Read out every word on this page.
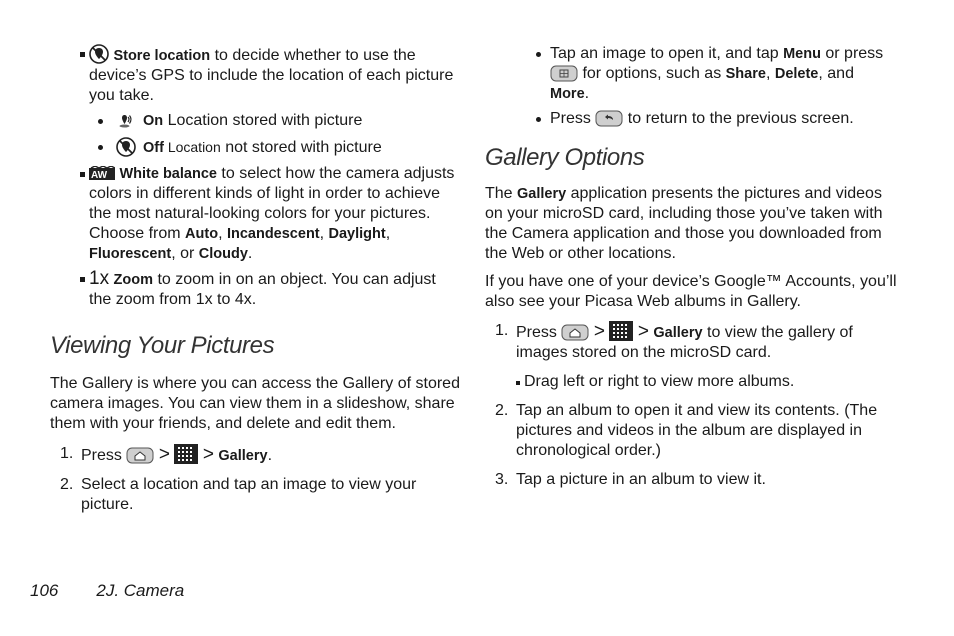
Store location to decide whether to use the device’s GPS to include the location of each picture you take.
On Location stored with picture
Off Location not stored with picture
AW White balance to select how the camera adjusts colors in different kinds of light in order to achieve the most natural-looking colors for your pictures. Choose from Auto, Incandescent, Daylight, Fluorescent, or Cloudy.
1x Zoom to zoom in on an object. You can adjust the zoom from 1x to 4x.
Viewing Your Pictures
The Gallery is where you can access the Gallery of stored camera images. You can view them in a slideshow, share them with your friends, and delete and edit them.
1. Press > > Gallery.
2. Select a location and tap an image to view your picture.
Tap an image to open it, and tap Menu or press  for options, such as Share, Delete, and More.
Press  to return to the previous screen.
Gallery Options
The Gallery application presents the pictures and videos on your microSD card, including those you’ve taken with the Camera application and those you downloaded from the Web or other locations.
If you have one of your device’s Google™ Accounts, you’ll also see your Picasa Web albums in Gallery.
1. Press > > Gallery to view the gallery of images stored on the microSD card.
Drag left or right to view more albums.
2. Tap an album to open it and view its contents. (The pictures and videos in the album are displayed in chronological order.)
3. Tap a picture in an album to view it.
106 2J. Camera
